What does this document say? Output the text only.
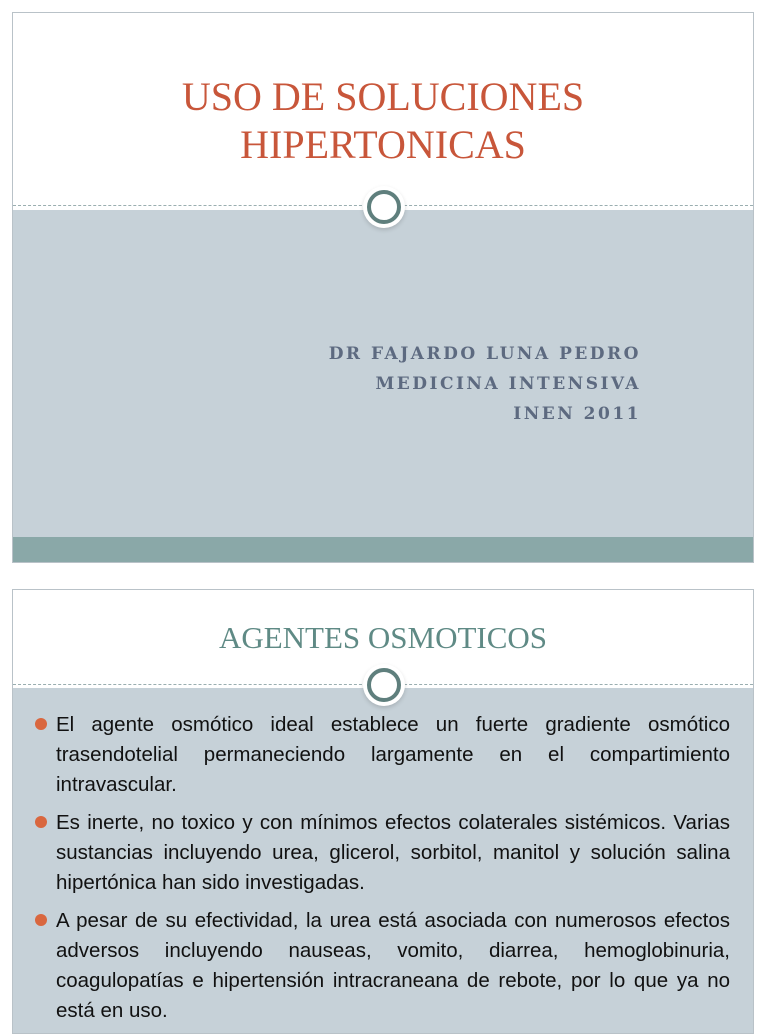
USO DE SOLUCIONES
HIPERTONICAS
DR FAJARDO LUNA PEDRO
MEDICINA INTENSIVA
INEN 2011
AGENTES OSMOTICOS
El agente osmótico ideal establece un fuerte gradiente osmótico trasendotelial permaneciendo largamente en el compartimiento intravascular.
Es inerte, no toxico y con mínimos efectos colaterales sistémicos. Varias sustancias incluyendo urea, glicerol, sorbitol, manitol y solución salina hipertónica han sido investigadas.
A pesar de su efectividad, la urea está asociada con numerosos efectos adversos incluyendo nauseas, vomito, diarrea, hemoglobinuria, coagulopatías e hipertensión intracraneana de rebote, por lo que ya no está en uso.
